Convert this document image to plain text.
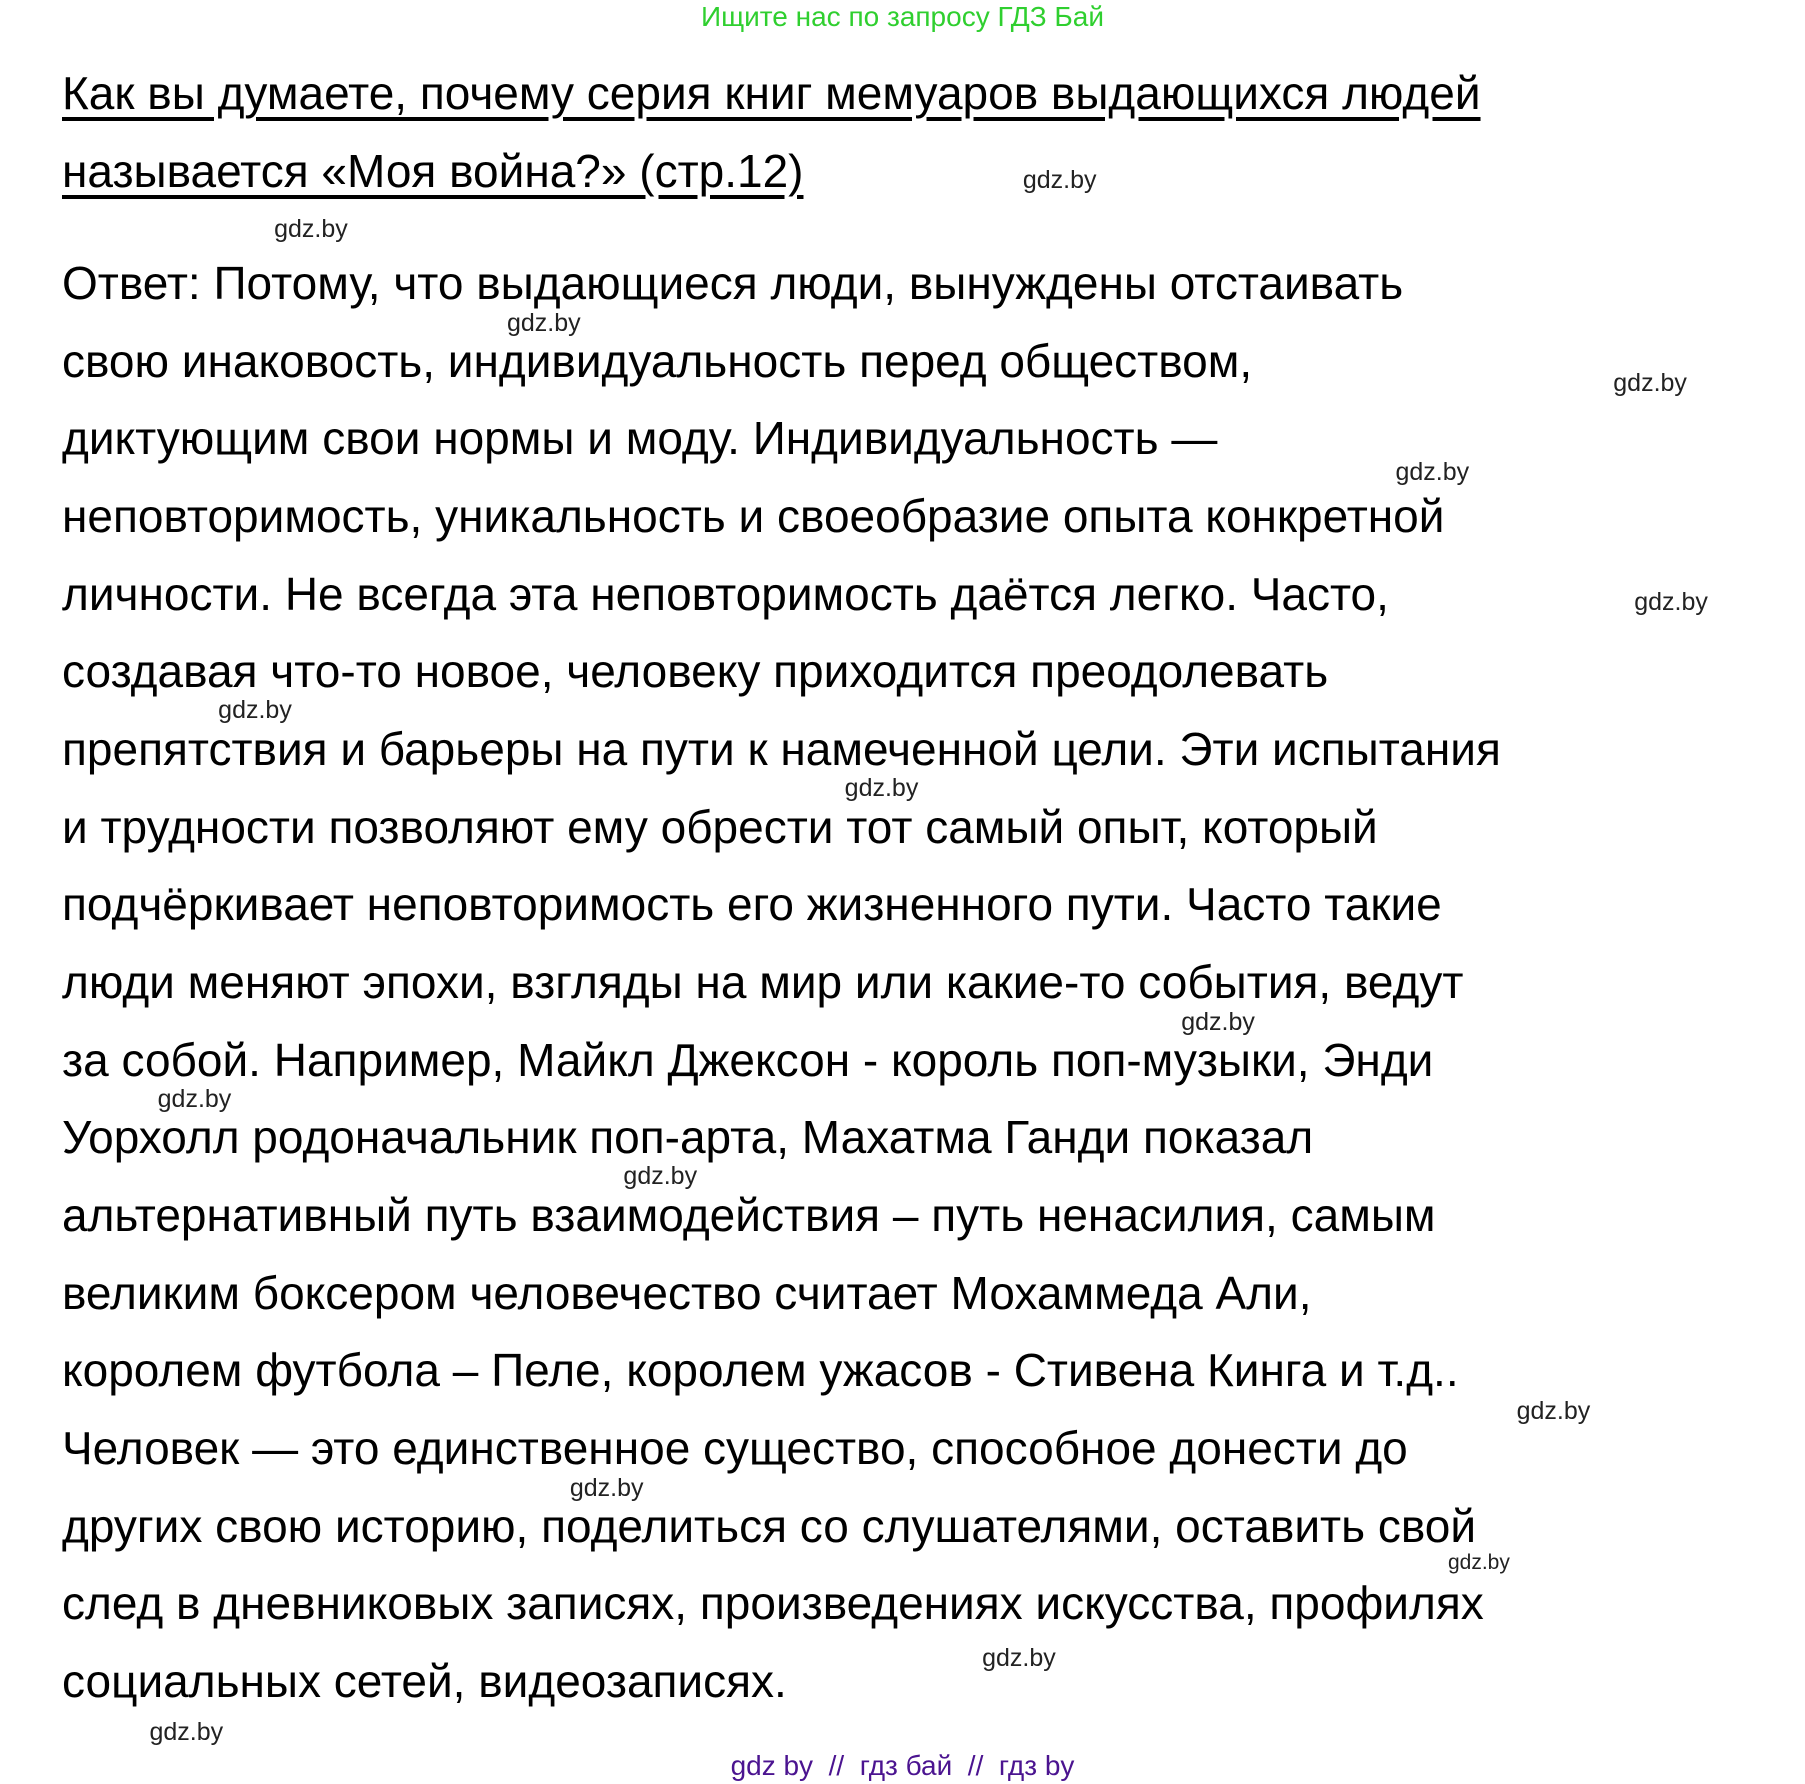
Ищите нас по запросу ГДЗ Бай
Как вы думаете, почему серия книг мемуаров выдающихся людей
называется «Моя война?» (стр.12)
Ответ: Потому, что выдающиеся люди, вынуждены отстаивать
свою инаковость, индивидуальность перед обществом,
диктующим свои нормы и моду. Индивидуальность —
неповторимость, уникальность и своеобразие опыта конкретной
личности. Не всегда эта неповторимость даётся легко. Часто,
создавая что-то новое, человеку приходится преодолевать
препятствия и барьеры на пути к намеченной цели. Эти испытания
и трудности позволяют ему обрести тот самый опыт, который
подчёркивает неповторимость его жизненного пути. Часто такие
люди меняют эпохи, взгляды на мир или какие-то события, ведут
за собой. Например, Майкл Джексон - король поп-музыки, Энди
Уорхолл родоначальник поп-арта, Махатма Ганди показал
альтернативный путь взаимодействия – путь ненасилия, самым
великим боксером человечество считает Мохаммеда Али,
королем футбола – Пеле, королем ужасов - Стивена Кинга и т.д..
Человек — это единственное существо, способное донести до
других свою историю, поделиться со слушателями, оставить свой
след в дневниковых записях, произведениях искусства, профилях
социальных сетей, видеозаписях.
gdz.by
gdz.by
gdz.by
gdz.by
gdz.by
gdz.by
gdz.by
gdz.by
gdz.by
gdz.by
gdz.by
gdz.by
gdz.by
gdz.by
gdz.by
gdz.by
gdz by  //  гдз бай  //  гдз by
